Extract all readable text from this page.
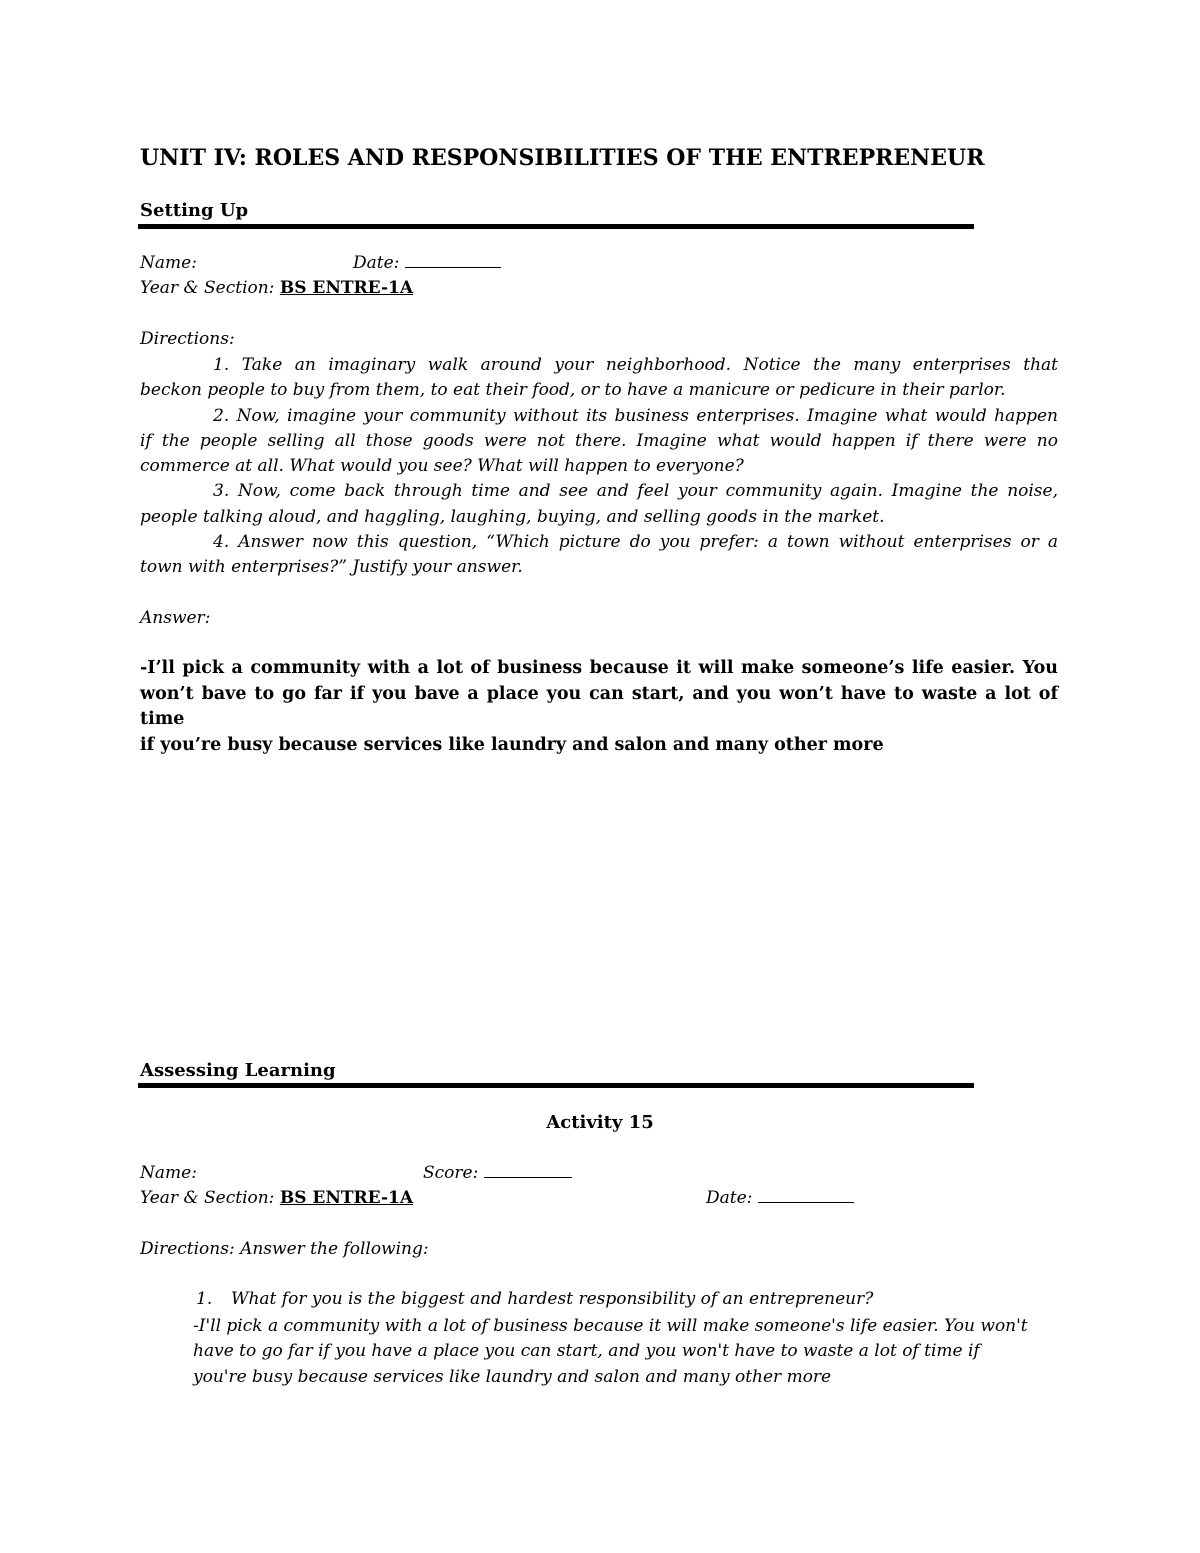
UNIT IV: ROLES AND RESPONSIBILITIES OF THE ENTREPRENEUR
Setting Up
Name:	Date:
Year & Section: BS ENTRE-1A
Directions:
1. Take an imaginary walk around your neighborhood. Notice the many enterprises that
beckon people to buy from them, to eat their food, or to have a manicure or pedicure in their parlor.
2. Now, imagine your community without its business enterprises. Imagine what would happen
if the people selling all those goods were not there. Imagine what would happen if there were no
commerce at all. What would you see? What will happen to everyone?
3. Now, come back through time and see and feel your community again. Imagine the noise,
people talking aloud, and haggling, laughing, buying, and selling goods in the market.
4. Answer now this question, “Which picture do you prefer: a town without enterprises or a
town with enterprises?” Justify your answer.
Answer:
-I’ll pick a community with a lot of business because it will make someone’s life easier. You
won’t bave to go far if you bave a place you can start, and you won’t have to waste a lot of time
if you’re busy because services like laundry and salon and many other more
Assessing Learning
Activity 15
Name:	Score:
Year & Section: BS ENTRE-1A	Date:
Directions: Answer the following:
1. What for you is the biggest and hardest responsibility of an entrepreneur?
-I'll pick a community with a lot of business because it will make someone's life easier. You won't
have to go far if you have a place you can start, and you won't have to waste a lot of time if
you're busy because services like laundry and salon and many other more
